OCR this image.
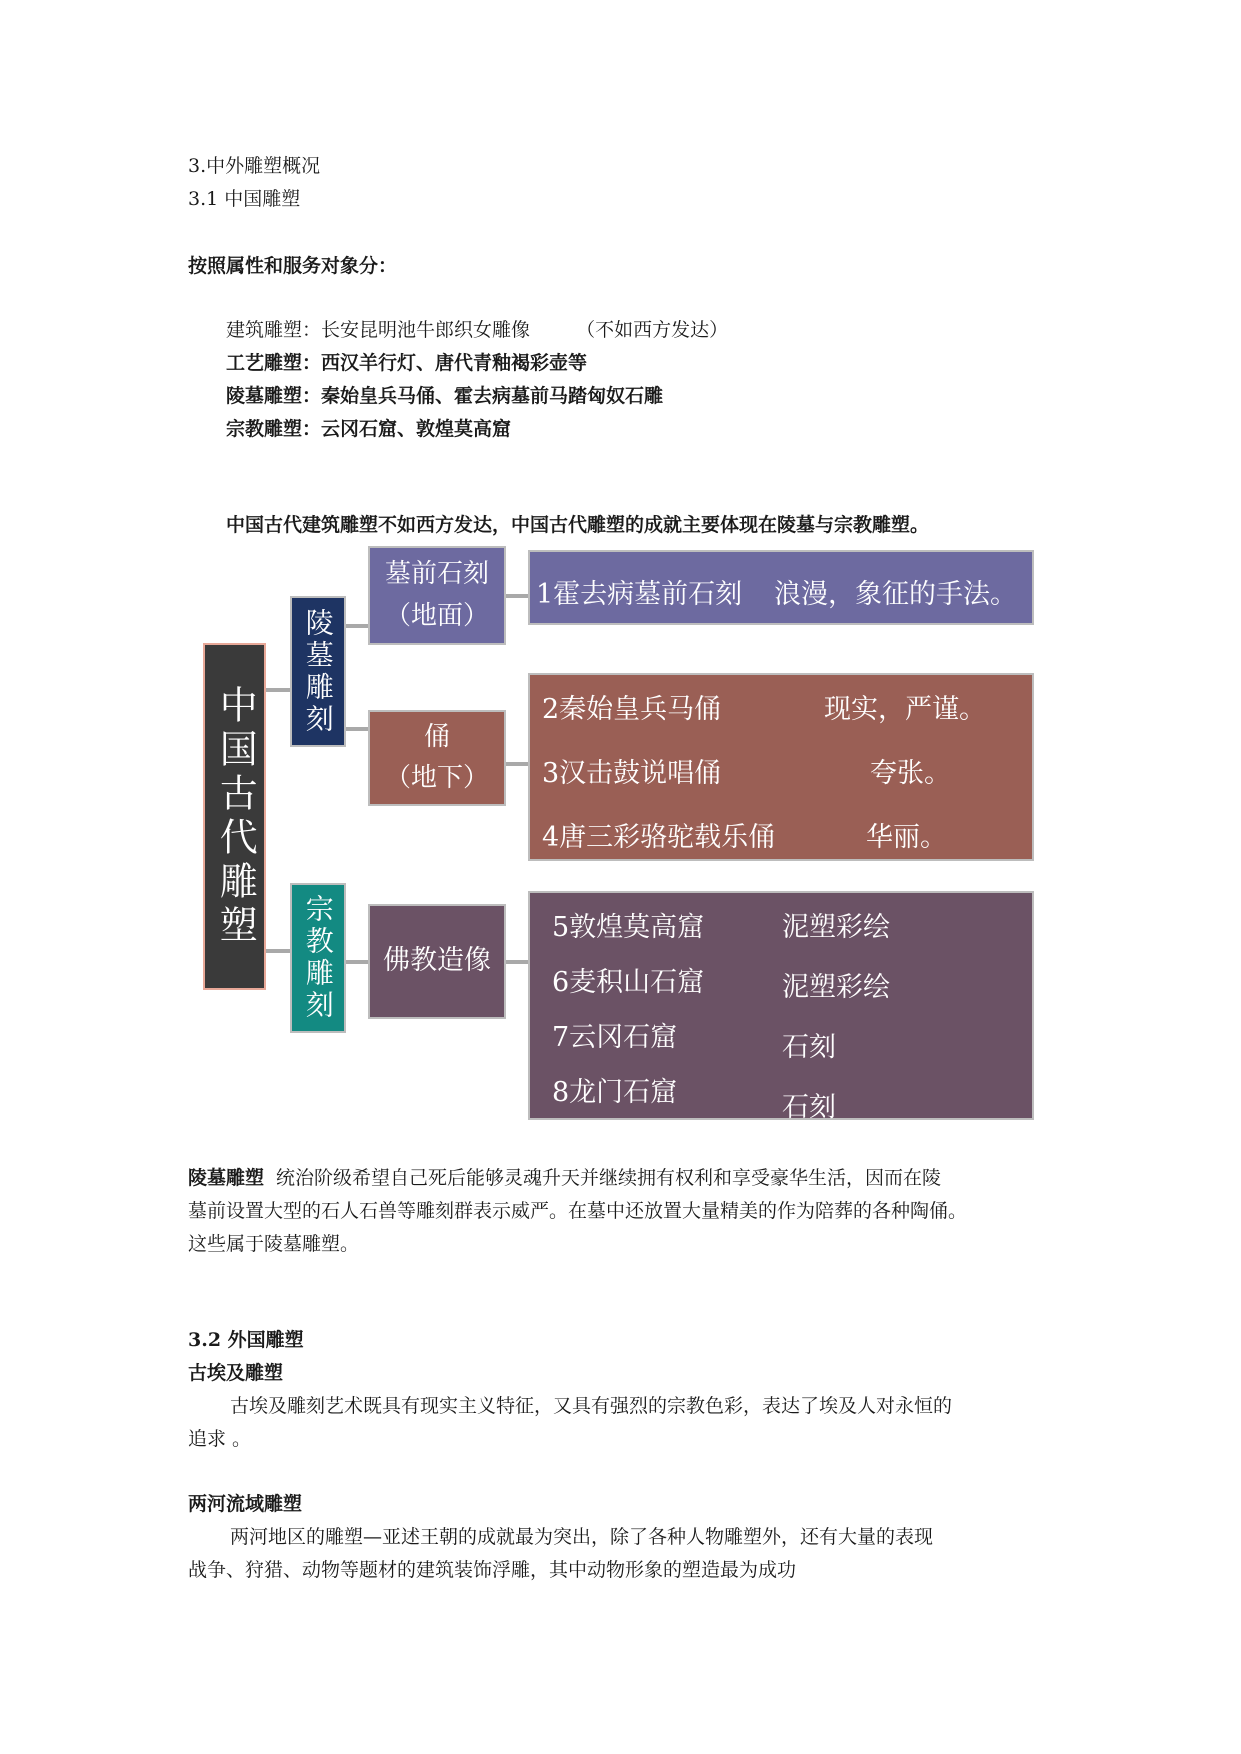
3.中外雕塑概况
3.1 中国雕塑
按照属性和服务对象分：
建筑雕塑：长安昆明池牛郎织女雕像 （不如西方发达）
工艺雕塑：西汉羊行灯、唐代青釉褐彩壶等
陵墓雕塑：秦始皇兵马俑、霍去病墓前马踏匈奴石雕
宗教雕塑：云冈石窟、敦煌莫高窟
中国古代建筑雕塑不如西方发达，中国古代雕塑的成就主要体现在陵墓与宗教雕塑。
中国古代雕塑
陵墓雕刻
宗教雕刻
墓前石刻
（地面）
俑
（地下）
佛教造像
1霍去病墓前石刻 浪漫，象征的手法。
2秦始皇兵马俑	现实，严谨。
3汉击鼓说唱俑	夸张。
4唐三彩骆驼载乐俑	华丽。
5敦煌莫高窟	泥塑彩绘
6麦积山石窟	泥塑彩绘
7云冈石窟	石刻
8龙门石窟	石刻
陵墓雕塑 统治阶级希望自己死后能够灵魂升天并继续拥有权利和享受豪华生活，因而在陵
墓前设置大型的石人石兽等雕刻群表示威严。在墓中还放置大量精美的作为陪葬的各种陶俑。
这些属于陵墓雕塑。
3.2 外国雕塑
古埃及雕塑
古埃及雕刻艺术既具有现实主义特征，又具有强烈的宗教色彩，表达了埃及人对永恒的
追求 。
两河流域雕塑
两河地区的雕塑—亚述王朝的成就最为突出，除了各种人物雕塑外，还有大量的表现
战争、狩猎、动物等题材的建筑装饰浮雕，其中动物形象的塑造最为成功
